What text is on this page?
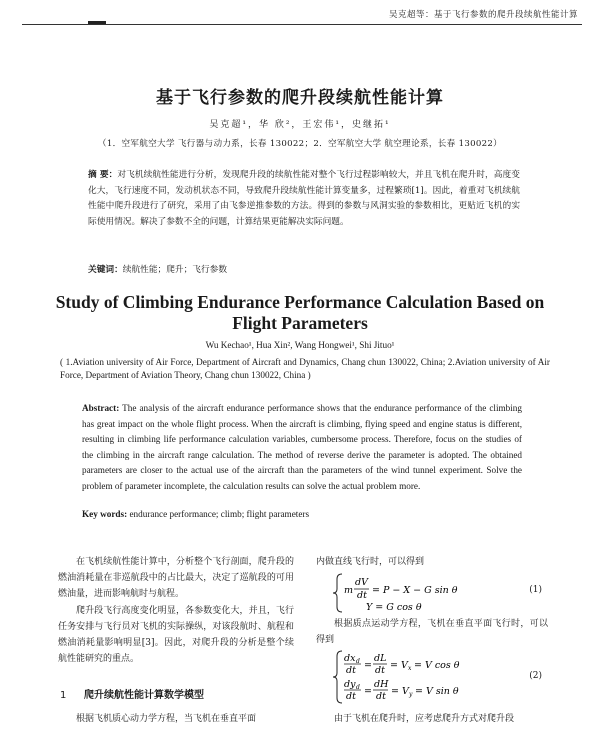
吴克超等：基于飞行参数的爬升段续航性能计算
基于飞行参数的爬升段续航性能计算
吴克超¹，华 欣²，王宏伟¹，史继拓¹
（1．空军航空大学 飞行器与动力系，长春 130022；2．空军航空大学 航空理论系，长春 130022）
摘 要：对飞机续航性能进行分析，发现爬升段的续航性能对整个飞行过程影响较大，并且飞机在爬升时，高度变化大，飞行速度不同，发动机状态不同，导致爬升段续航性能计算变量多，过程繁琐[1]。因此，着重对飞机续航性能中爬升段进行了研究，采用了由飞参逆推参数的方法。得到的参数与风洞实验的参数相比，更贴近飞机的实际使用情况。解决了参数不全的问题，计算结果更能解决实际问题。
关键词：续航性能；爬升；飞行参数
Study of Climbing Endurance Performance Calculation Based on Flight Parameters
Wu Kechao¹, Hua Xin², Wang Hongwei¹, Shi Jituo¹
( 1.Aviation university of Air Force, Department of Aircraft and Dynamics, Chang chun 130022, China; 2.Aviation university of Air Force, Department of Aviation Theory, Chang chun 130022, China )
Abstract: The analysis of the aircraft endurance performance shows that the endurance performance of the climbing has great impact on the whole flight process. When the aircraft is climbing, flying speed and engine status is different, resulting in climbing life performance calculation variables, cumbersome process. Therefore, focus on the studies of the climbing in the aircraft range calculation. The method of reverse derive the parameter is adopted. The obtained parameters are closer to the actual use of the aircraft than the parameters of the wind tunnel experiment. Solve the problem of parameter incomplete, the calculation results can solve the actual problem more.
Key words: endurance performance; climb; flight parameters

在飞机续航性能计算中，分析整个飞行剖面，爬升段的燃油消耗量在非巡航段中的占比最大，决定了巡航段的可用燃油量，进而影响航时与航程。

爬升段飞行高度变化明显，各参数变化大，并且，飞行任务安排与飞行员对飞机的实际操纵，对该段航时、航程和燃油消耗量影响明显[3]。因此，对爬升段的分析是整个续航性能研究的重点。

1 爬升续航性能计算数学模型
根据飞机质心动力学方程，当飞机在垂直平面
内做直线飞行时，可以得到
m
dV
dt = P − X − G sin θ
Y = G cos θ
(1)
根据质点运动学方程，飞机在垂直平面飞行时，可以得到
dx d
dt =
dL
dt = V x = V cos θ
dy d
dt =
dH
dt = V y = V sin θ
(2)
由于飞机在爬升时，应考虑爬升方式对爬升段
